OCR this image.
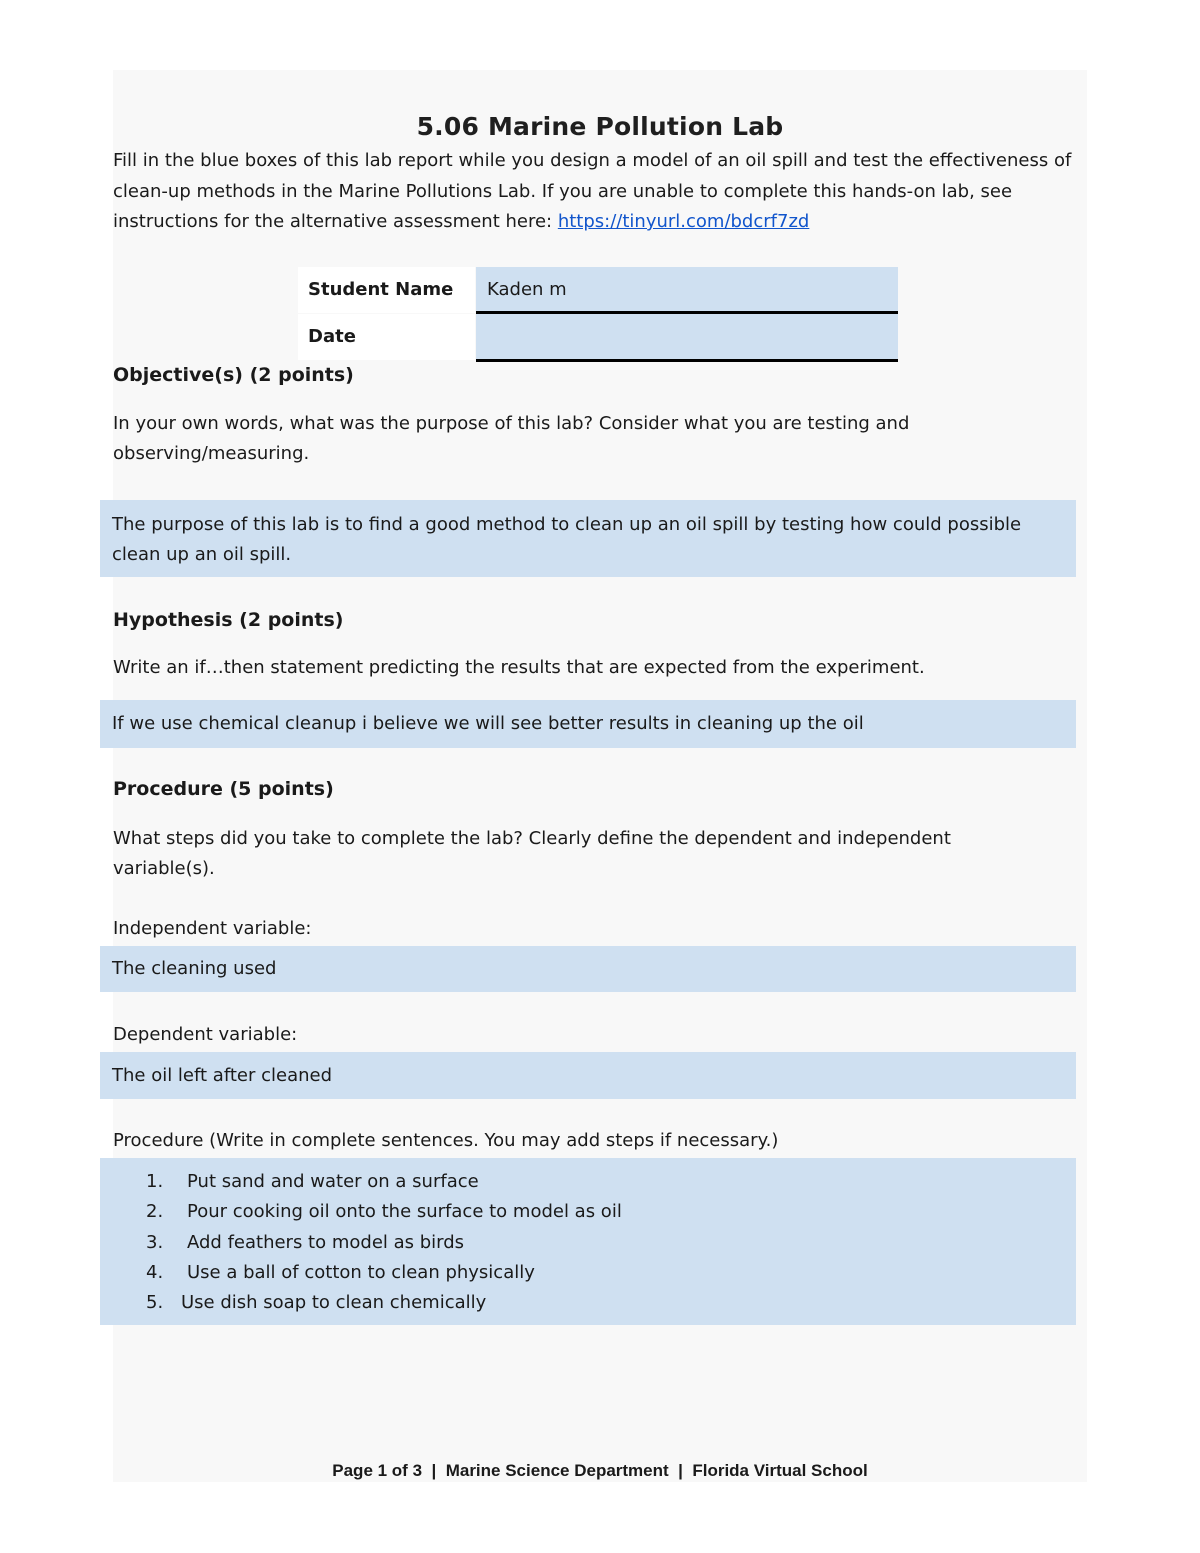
5.06 Marine Pollution Lab
Fill in the blue boxes of this lab report while you design a model of an oil spill and test the effectiveness of clean-up methods in the Marine Pollutions Lab. If you are unable to complete this hands-on lab, see instructions for the alternative assessment here: https://tinyurl.com/bdcrf7zd
Student Name	Kaden m
Date
Objective(s) (2 points)
In your own words, what was the purpose of this lab? Consider what you are testing and observing/measuring.
The purpose of this lab is to find a good method to clean up an oil spill by testing how could possible clean up an oil spill.
Hypothesis (2 points)
Write an if…then statement predicting the results that are expected from the experiment.
If we use chemical cleanup i believe we will see better results in cleaning up the oil
Procedure (5 points)
What steps did you take to complete the lab? Clearly define the dependent and independent variable(s).
Independent variable:
The cleaning used
Dependent variable:
The oil left after cleaned
Procedure (Write in complete sentences. You may add steps if necessary.)
1. Put sand and water on a surface
2. Pour cooking oil onto the surface to model as oil
3. Add feathers to model as birds
4. Use a ball of cotton to clean physically
5. Use dish soap to clean chemically
Page 1 of 3 | Marine Science Department | Florida Virtual School
